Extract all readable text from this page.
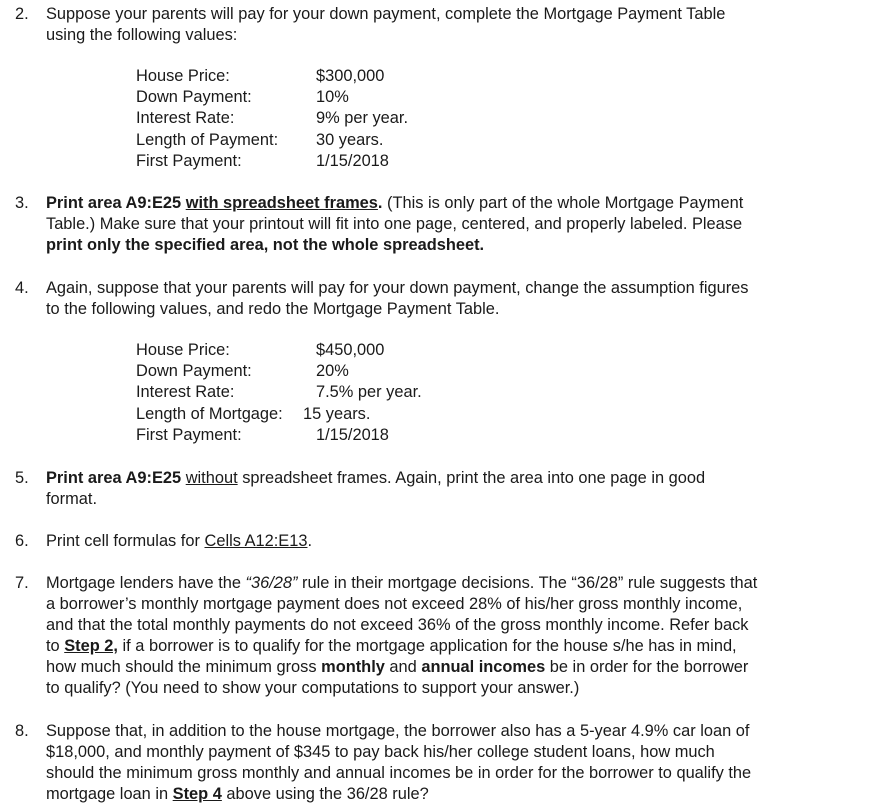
2. Suppose your parents will pay for your down payment, complete the Mortgage Payment Table
using the following values:
House Price:	$300,000
Down Payment:	10%
Interest Rate:	9% per year.
Length of Payment: 30 years.
First Payment:	1/15/2018
3. Print area A9:E25 with spreadsheet frames. (This is only part of the whole Mortgage Payment
Table.) Make sure that your printout will fit into one page, centered, and properly labeled. Please
print only the specified area, not the whole spreadsheet.
4. Again, suppose that your parents will pay for your down payment, change the assumption figures
to the following values, and redo the Mortgage Payment Table.
House Price:	$450,000
Down Payment:	20%
Interest Rate:	7.5% per year.
Length of Mortgage: 15 years.
First Payment:	1/15/2018
5. Print area A9:E25 without spreadsheet frames. Again, print the area into one page in good
format.
6. Print cell formulas for Cells A12:E13.
7. Mortgage lenders have the “36/28” rule in their mortgage decisions. The “36/28” rule suggests that
a borrower’s monthly mortgage payment does not exceed 28% of his/her gross monthly income,
and that the total monthly payments do not exceed 36% of the gross monthly income. Refer back
to Step 2, if a borrower is to qualify for the mortgage application for the house s/he has in mind,
how much should the minimum gross monthly and annual incomes be in order for the borrower
to qualify? (You need to show your computations to support your answer.)
8. Suppose that, in addition to the house mortgage, the borrower also has a 5-year 4.9% car loan of
$18,000, and monthly payment of $345 to pay back his/her college student loans, how much
should the minimum gross monthly and annual incomes be in order for the borrower to qualify the
mortgage loan in Step 4 above using the 36/28 rule?
